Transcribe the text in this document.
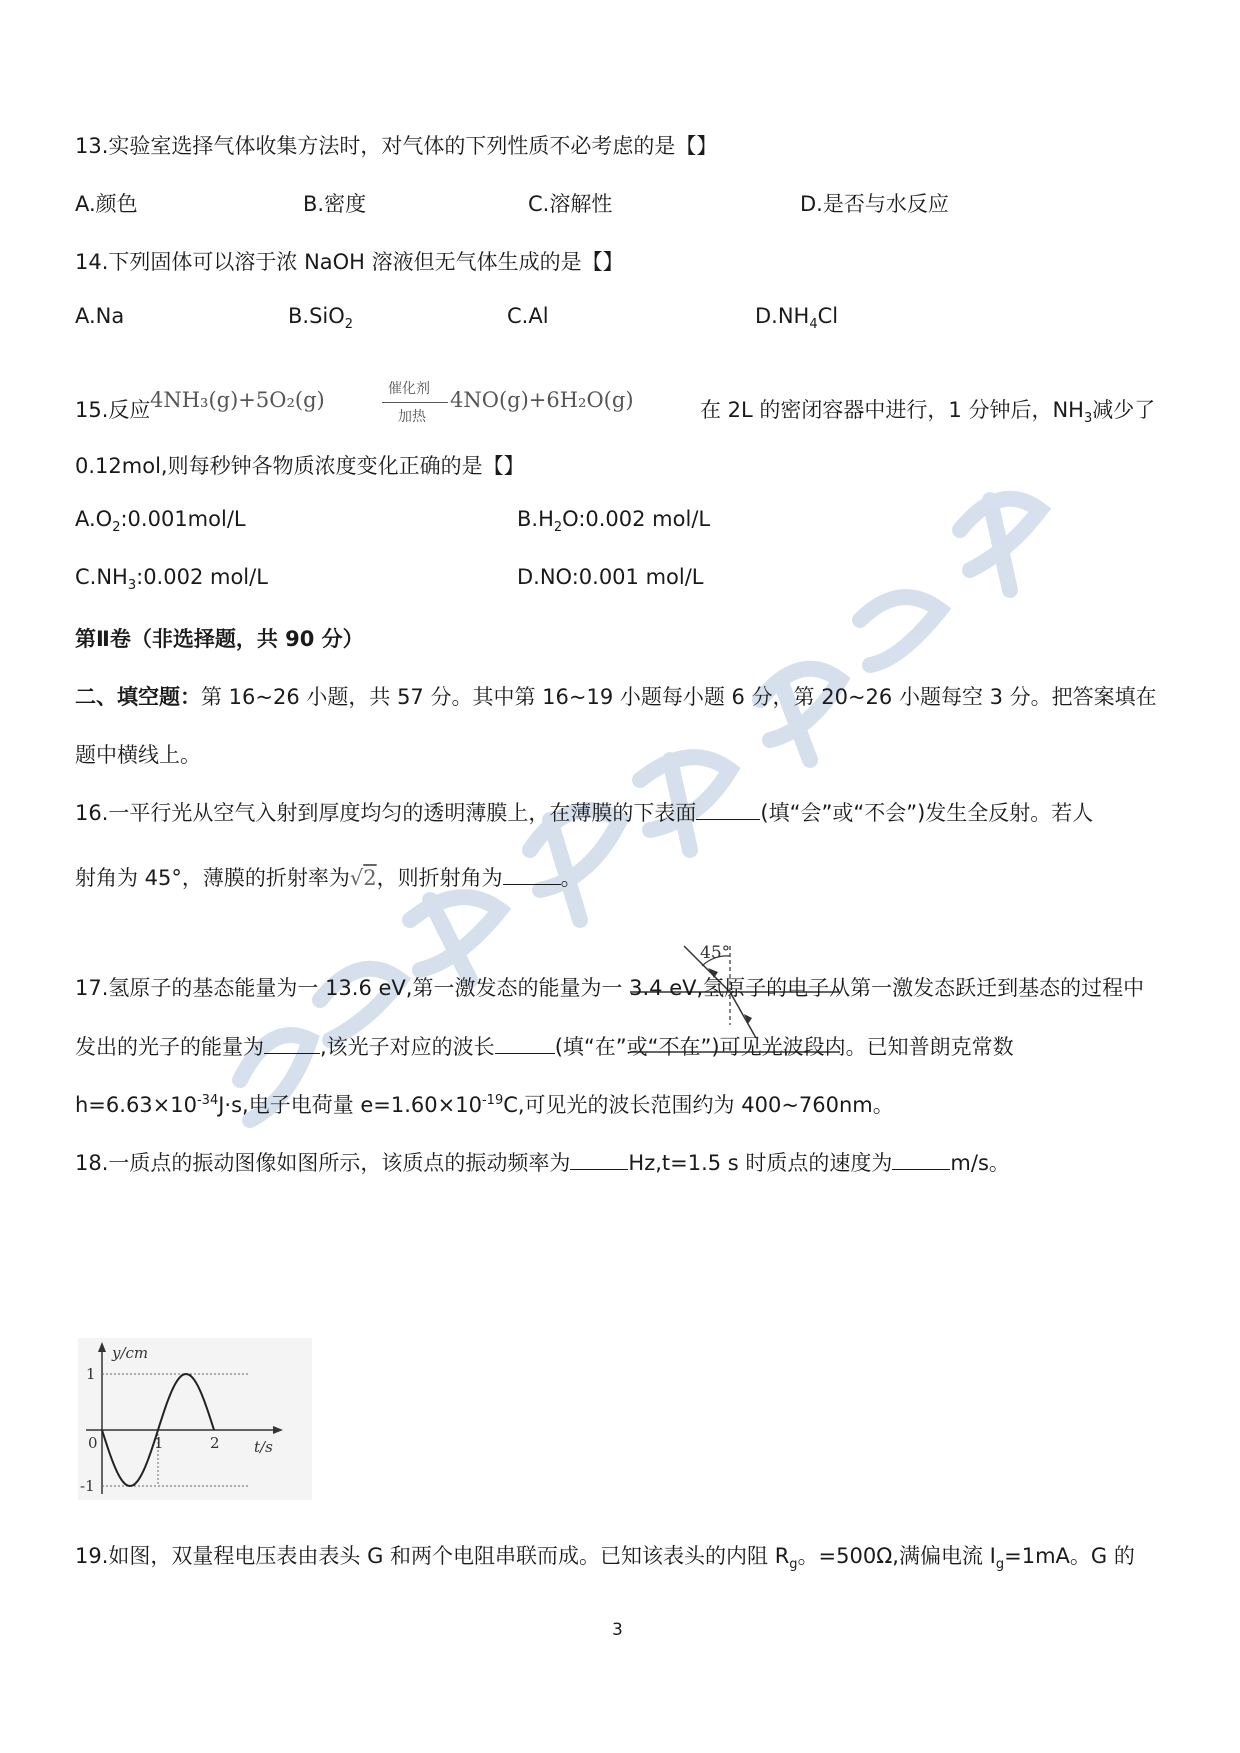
13.实验室选择气体收集方法时，对气体的下列性质不必考虑的是【】
A.颜色	B.密度	C.溶解性	D.是否与水反应
14.下列固体可以溶于浓 NaOH 溶液但无气体生成的是【】
A.Na	B.SiO$_2$	C.Al	$D.NH_4Cl$
15.反应 4NH₃(g)+5O₂(g)	催化剂
加热
4NO(g)+6H₂O(g)	在 2L 的密闭容器中进行，1 分钟后，$NH_3$减少了
0.12mol,则每秒钟各物质浓度变化正确的是【】
$A.O_2:0.001mol/L$	$B.H_2O:0.002$ mol/L
$C.NH_3:0.002$ mol/L	D.NO:0.001 mol/L
第Ⅱ卷（非选择题，共 90 分）
二、填空题：第 16~26 小题，共 57 分。其中第 16~19 小题每小题 6 分，第 20~26 小题每空 3 分。把答案填在
题中横线上。
16.一平行光从空气入射到厚度均匀的透明薄膜上，在薄膜的下表面	(填“会”或“不会”)发生全反射。若人
射角为 45°，薄膜的折射率为√2，则折射角为	。
45°
17.氢原子的基态能量为一 13.6 eV,第一激发态的能量为一 3.4 eV,氢原子的电子从第一激发态跃迁到基态的过程中
发出的光子的能量为	,该光子对应的波长	(填“在”或“不在”)可见光波段内。已知普朗克常数
$h=6.63\times 10^{-34}J\cdot s$,电子电荷量 $e=1.60\times 10^{-19}C$,可见光的波长范围约为 400~760nm。
18.一质点的振动图像如图所示，该质点的振动频率为	Hz,t=1.5 s 时质点的速度为	m/s。
0	1	2
1
-1
y/cm
t/s
19.如图，双量程电压表由表头 G 和两个电阻串联而成。已知该表头的内阻 $R_g$。=500Ω,满偏电流 $I_g=1mA$。G 的
3
